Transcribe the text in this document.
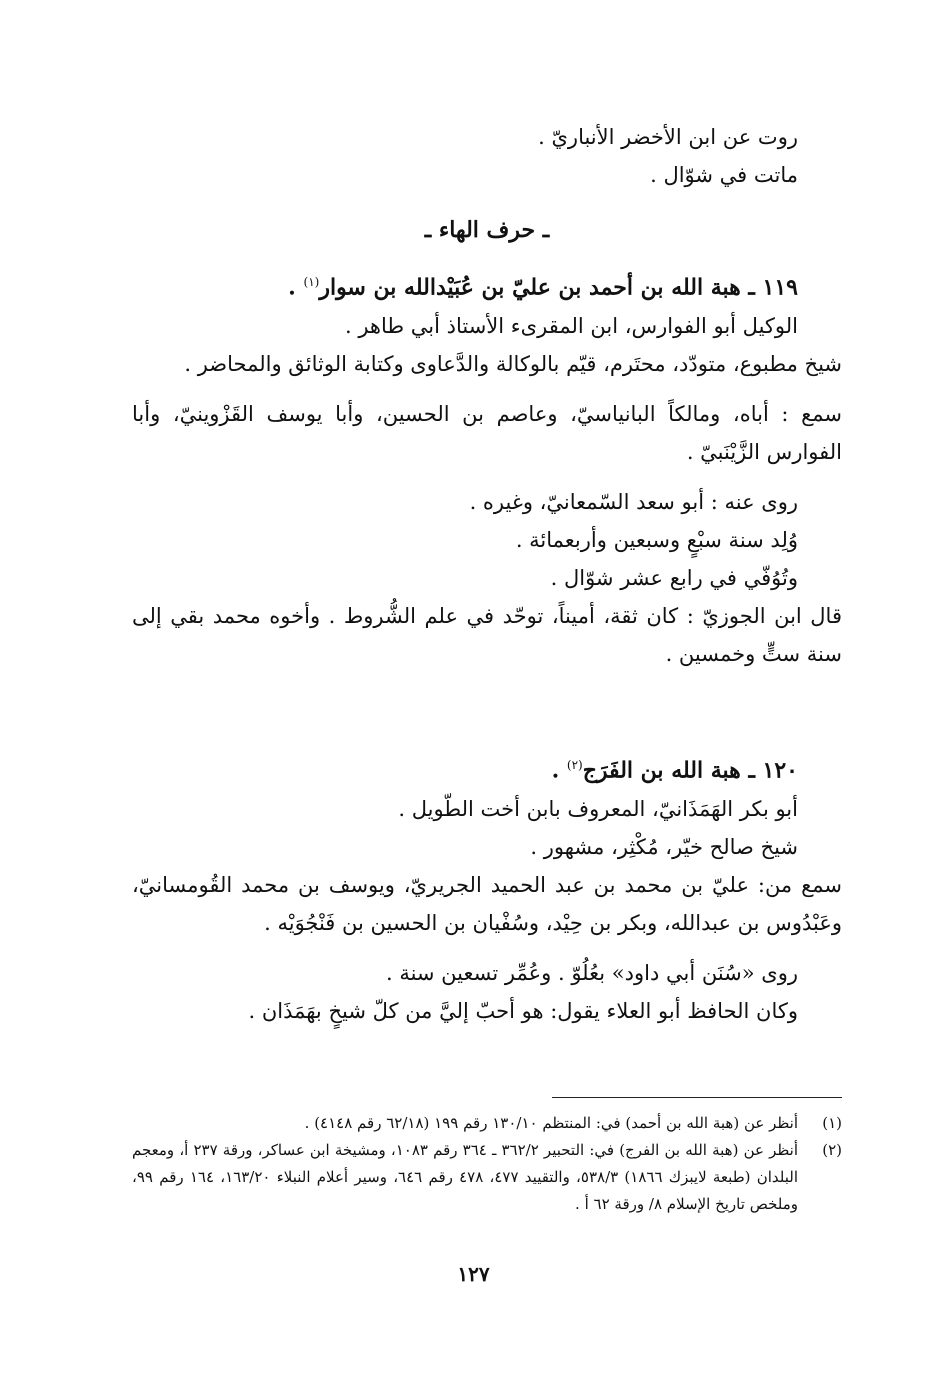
روت عن ابن الأخضر الأنباريّ .
ماتت في شوّال .
ـ حرف الهاء ـ
١١٩ ـ هبة الله بن أحمد بن عليّ بن عُبَيْدالله بن سوار$^{(١)}$ .
الوكيل أبو الفوارس، ابن المقرىء الأستاذ أبي طاهر .
شيخ مطبوع، متودّد، محتَرم، قيّم بالوكالة والدَّعاوى وكتابة الوثائق والمحاضر .
سمع : أباه، ومالكاً البانياسيّ، وعاصم بن الحسين، وأبا يوسف القَزْوينيّ، وأبا الفوارس الزَّيْنَبيّ .
روى عنه : أبو سعد السّمعانيّ، وغيره .
وُلِد سنة سبْعٍ وسبعين وأربعمائة .
وتُوُفّي في رابع عشر شوّال .
قال ابن الجوزيّ : كان ثقة، أميناً، توحّد في علم الشُّروط . وأخوه محمد بقي إلى سنة ستٍّ وخمسين .
١٢٠ ـ هبة الله بن الفَرَج$^{(٢)}$ .
أبو بكر الهَمَذَانيّ، المعروف بابن أخت الطّويل .
شيخ صالح خيّر، مُكْثِر، مشهور .
سمع من: عليّ بن محمد بن عبد الحميد الجريريّ، ويوسف بن محمد القُومسانيّ، وعَبْدُوس بن عبدالله، وبكر بن حِيْد، وسُفْيان بن الحسين بن فَنْجُوَيْه .
روى «سُنَن أبي داود» بعُلُوّ . وعُمِّر تسعين سنة .
وكان الحافظ أبو العلاء يقول: هو أحبّ إليَّ من كلّ شيخٍ بهَمَذَان .
(١)
أنظر عن (هبة الله بن أحمد) في: المنتظم ١٣٠/١٠ رقم ١٩٩ (٦٢/١٨ رقم ٤١٤٨) .
(٢)
أنظر عن (هبة الله بن الفرج) في: التحبير ٣٦٢/٢ ـ ٣٦٤ رقم ١٠٨٣، ومشيخة ابن عساكر، ورقة ٢٣٧ أ، ومعجم البلدان (طبعة لايبزك ١٨٦٦) ٥٣٨/٣، والتقييد ٤٧٧، ٤٧٨ رقم ٦٤٦، وسير أعلام النبلاء ١٦٣/٢٠، ١٦٤ رقم ٩٩، وملخص تاريخ الإسلام ٨/ ورقة ٦٢ أ .
١٢٧
